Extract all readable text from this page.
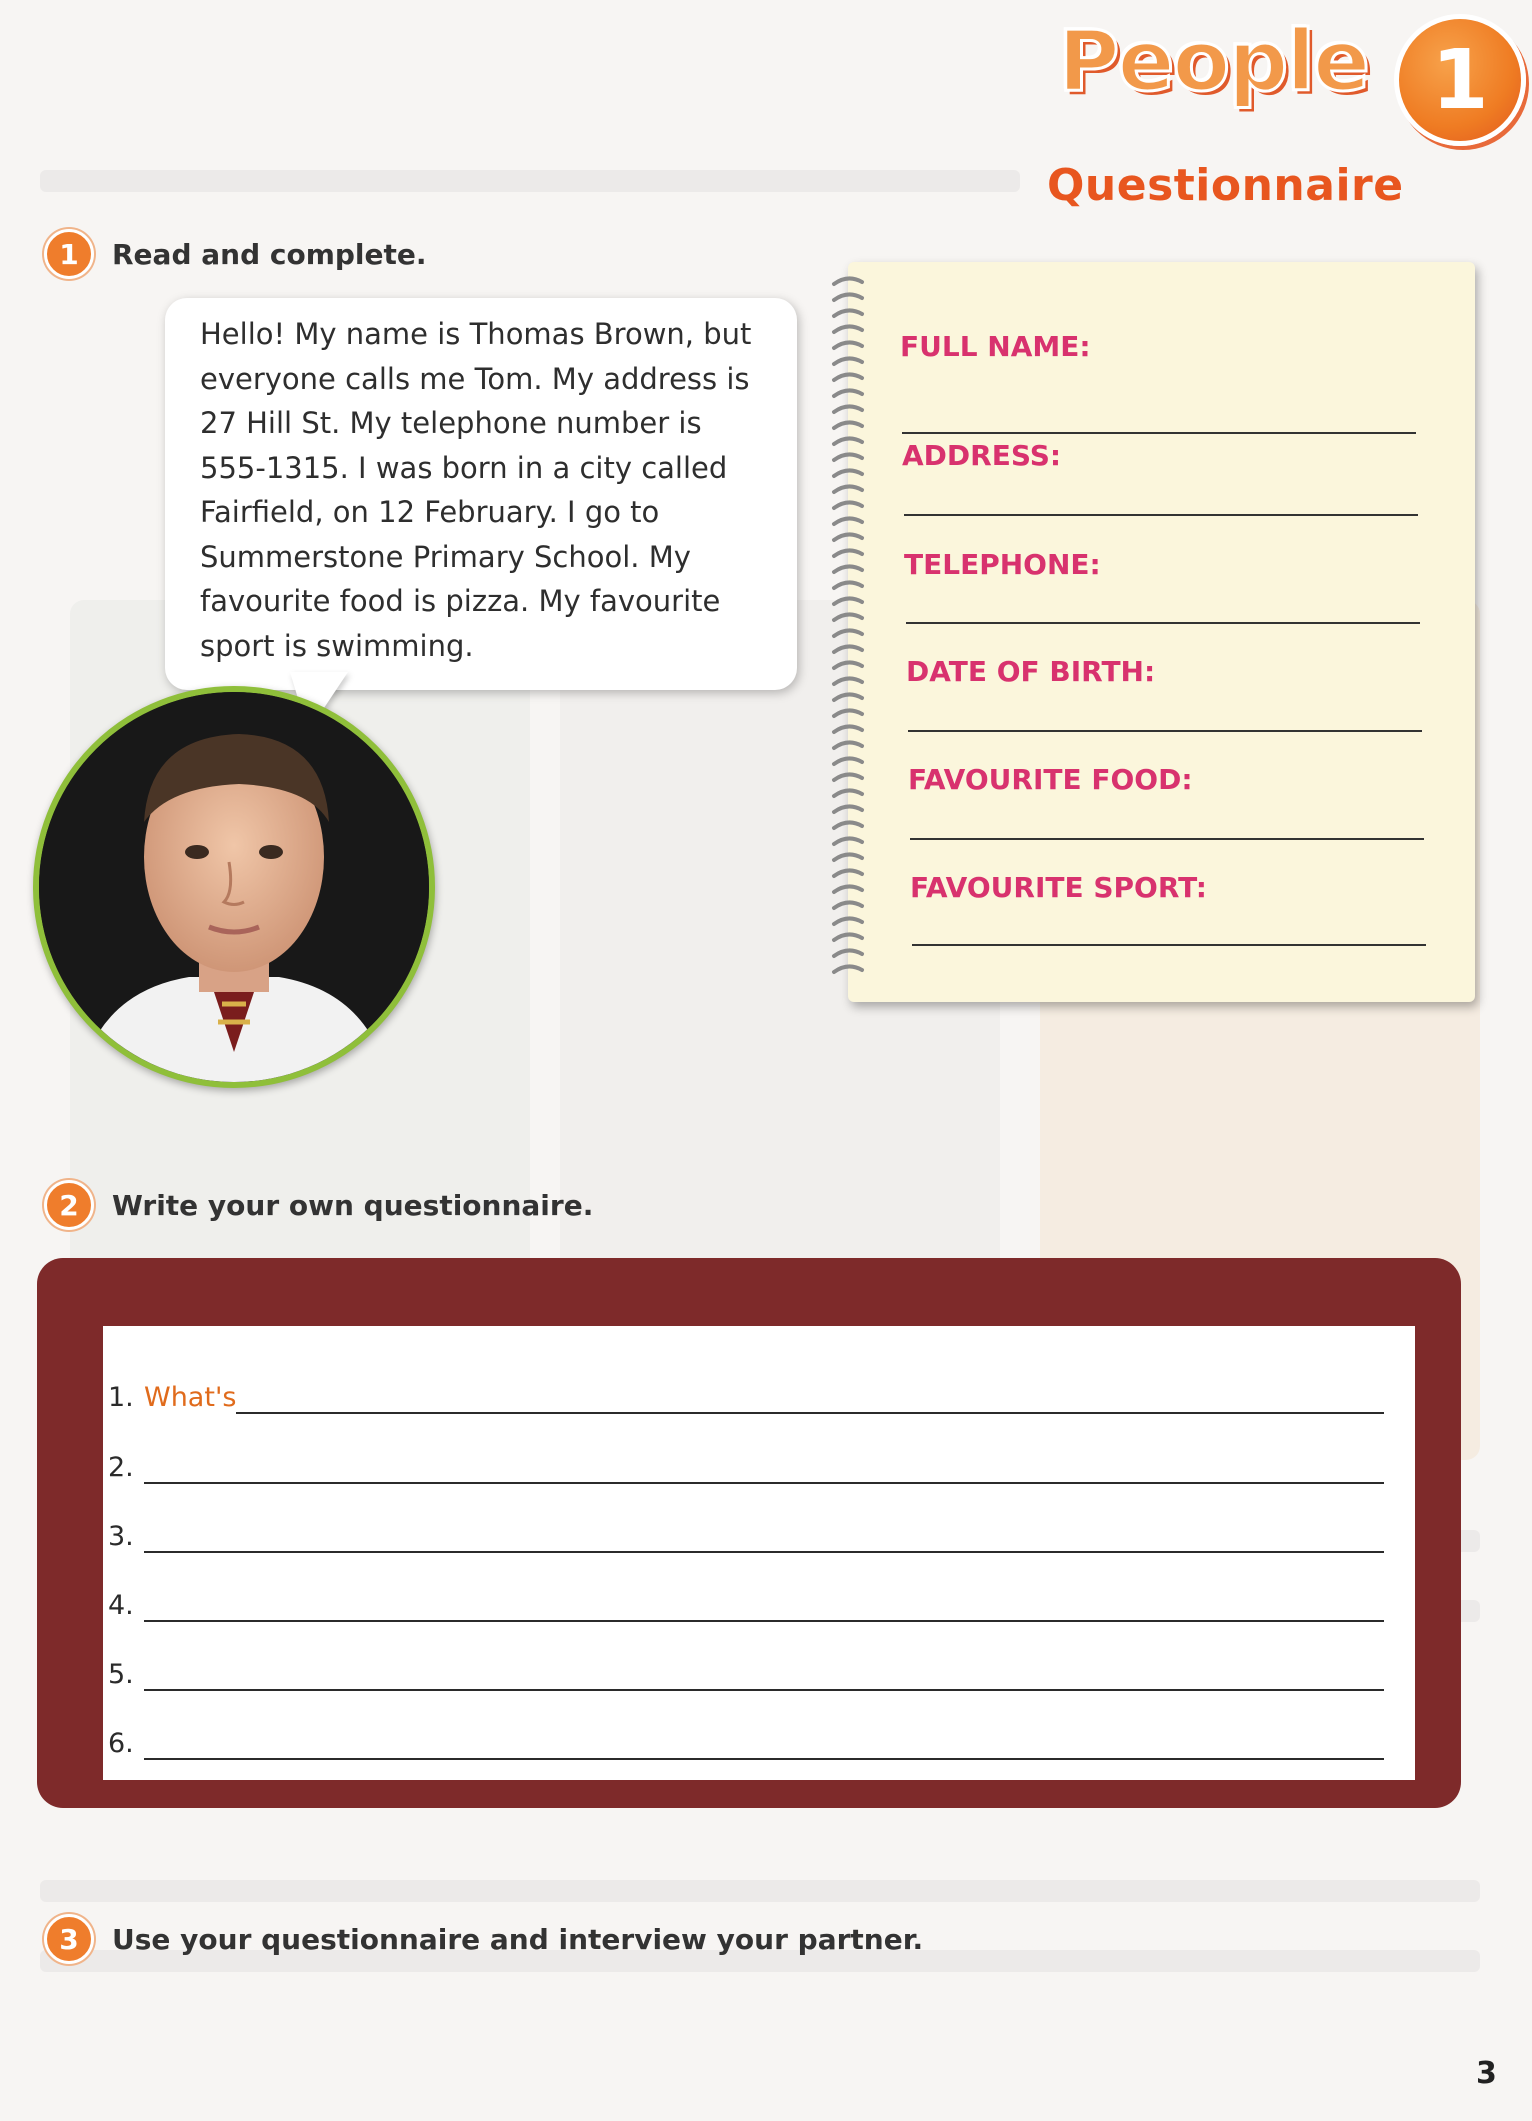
People 1
Questionnaire
1	Read and complete.
Hello! My name is Thomas Brown, but everyone calls me Tom. My address is 27 Hill St. My telephone number is 555-1315. I was born in a city called Fairfield, on 12 February. I go to Summerstone Primary School. My favourite food is pizza. My favourite sport is swimming.
FULL NAME:
ADDRESS:
TELEPHONE:
DATE OF BIRTH:
FAVOURITE FOOD:
FAVOURITE SPORT:
2	Write your own questionnaire.
1. What's
2.
3.
4.
5.
6.
3	Use your questionnaire and interview your partner.
3
